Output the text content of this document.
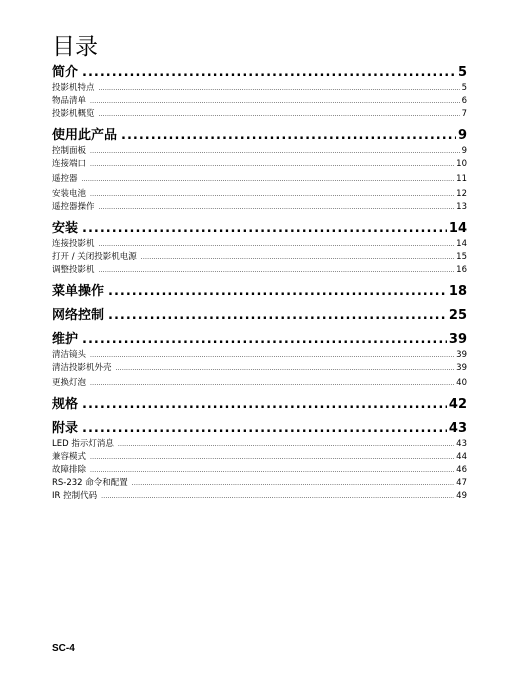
目录
简介 .....	5
投影机特点 .....	5
物品清单 .....	6
投影机概览 .....	7
使用此产品 .....	9
控制面板 .....	9
连接端口 .....	10
遥控器 .....	11
安装电池 .....	12
遥控器操作 .....	13
安装 .....	14
连接投影机 .....	14
打开 / 关闭投影机电源 .....	15
调整投影机 .....	16
菜单操作 .....	18
网络控制 .....	25
维护 .....	39
清洁镜头 .....	39
清洁投影机外壳 .....	39
更换灯泡 .....	40
规格 .....	42
附录 .....	43
LED 指示灯消息 .....	43
兼容模式 .....	44
故障排除 .....	46
RS-232 命令和配置 .....	47
IR 控制代码 .....	49
SC-4
